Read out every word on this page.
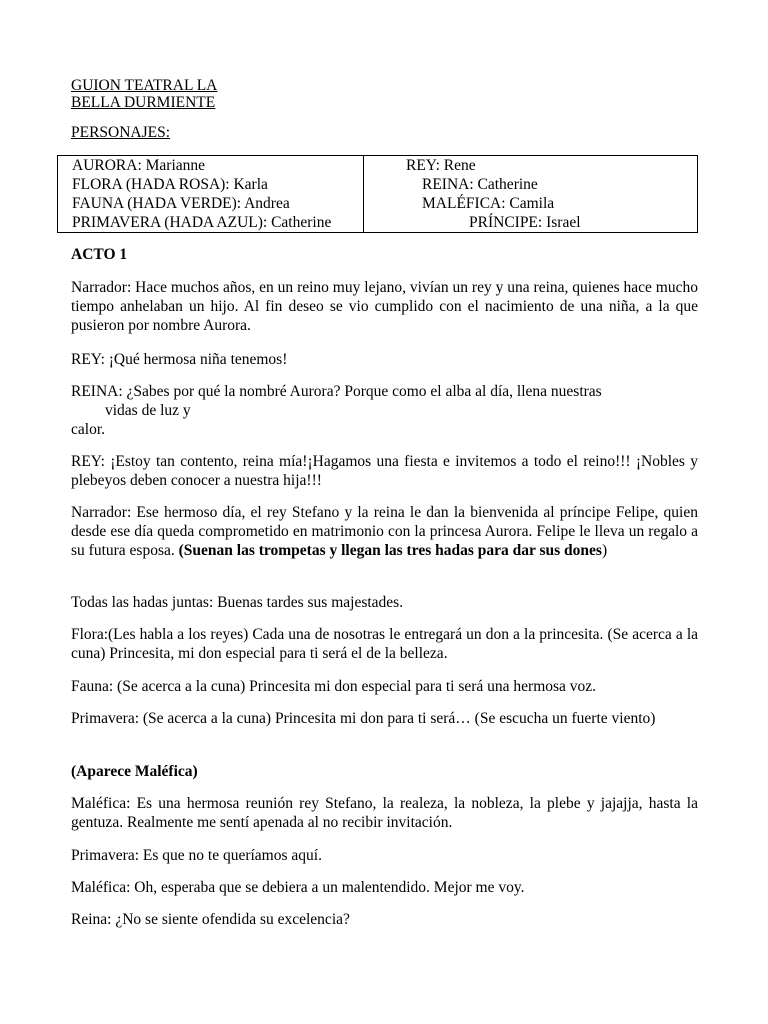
GUION TEATRAL LA
BELLA DURMIENTE
PERSONAJES:
AURORA: Marianne
FLORA (HADA ROSA): Karla
FAUNA (HADA VERDE): Andrea
PRIMAVERA (HADA AZUL): Catherine

REY: Rene
REINA: Catherine
MALÉFICA: Camila
PRÍNCIPE: Israel
ACTO 1
Narrador: Hace muchos años, en un reino muy lejano, vivían un rey y una reina, quienes hace mucho tiempo anhelaban un hijo. Al fin deseo se vio cumplido con el nacimiento de una niña, a la que pusieron por nombre Aurora.
REY: ¡Qué hermosa niña tenemos!
REINA: ¿Sabes por qué la nombré Aurora? Porque como el alba al día, llena nuestras
vidas de luz y
calor.
REY: ¡Estoy tan contento, reina mía!¡Hagamos una fiesta e invitemos a todo el reino!!! ¡Nobles y plebeyos deben conocer a nuestra hija!!!
Narrador: Ese hermoso día, el rey Stefano y la reina le dan la bienvenida al príncipe Felipe, quien desde ese día queda comprometido en matrimonio con la princesa Aurora. Felipe le lleva un regalo a su futura esposa. (Suenan las trompetas y llegan las tres hadas para dar sus dones)
Todas las hadas juntas: Buenas tardes sus majestades.
Flora:(Les habla a los reyes) Cada una de nosotras le entregará un don a la princesita. (Se acerca a la cuna) Princesita, mi don especial para ti será el de la belleza.
Fauna: (Se acerca a la cuna) Princesita mi don especial para ti será una hermosa voz.
Primavera: (Se acerca a la cuna) Princesita mi don para ti será… (Se escucha un fuerte viento)
(Aparece Maléfica)
Maléfica: Es una hermosa reunión rey Stefano, la realeza, la nobleza, la plebe y jajajja, hasta la gentuza. Realmente me sentí apenada al no recibir invitación.
Primavera: Es que no te queríamos aquí.
Maléfica: Oh, esperaba que se debiera a un malentendido. Mejor me voy.
Reina: ¿No se siente ofendida su excelencia?
